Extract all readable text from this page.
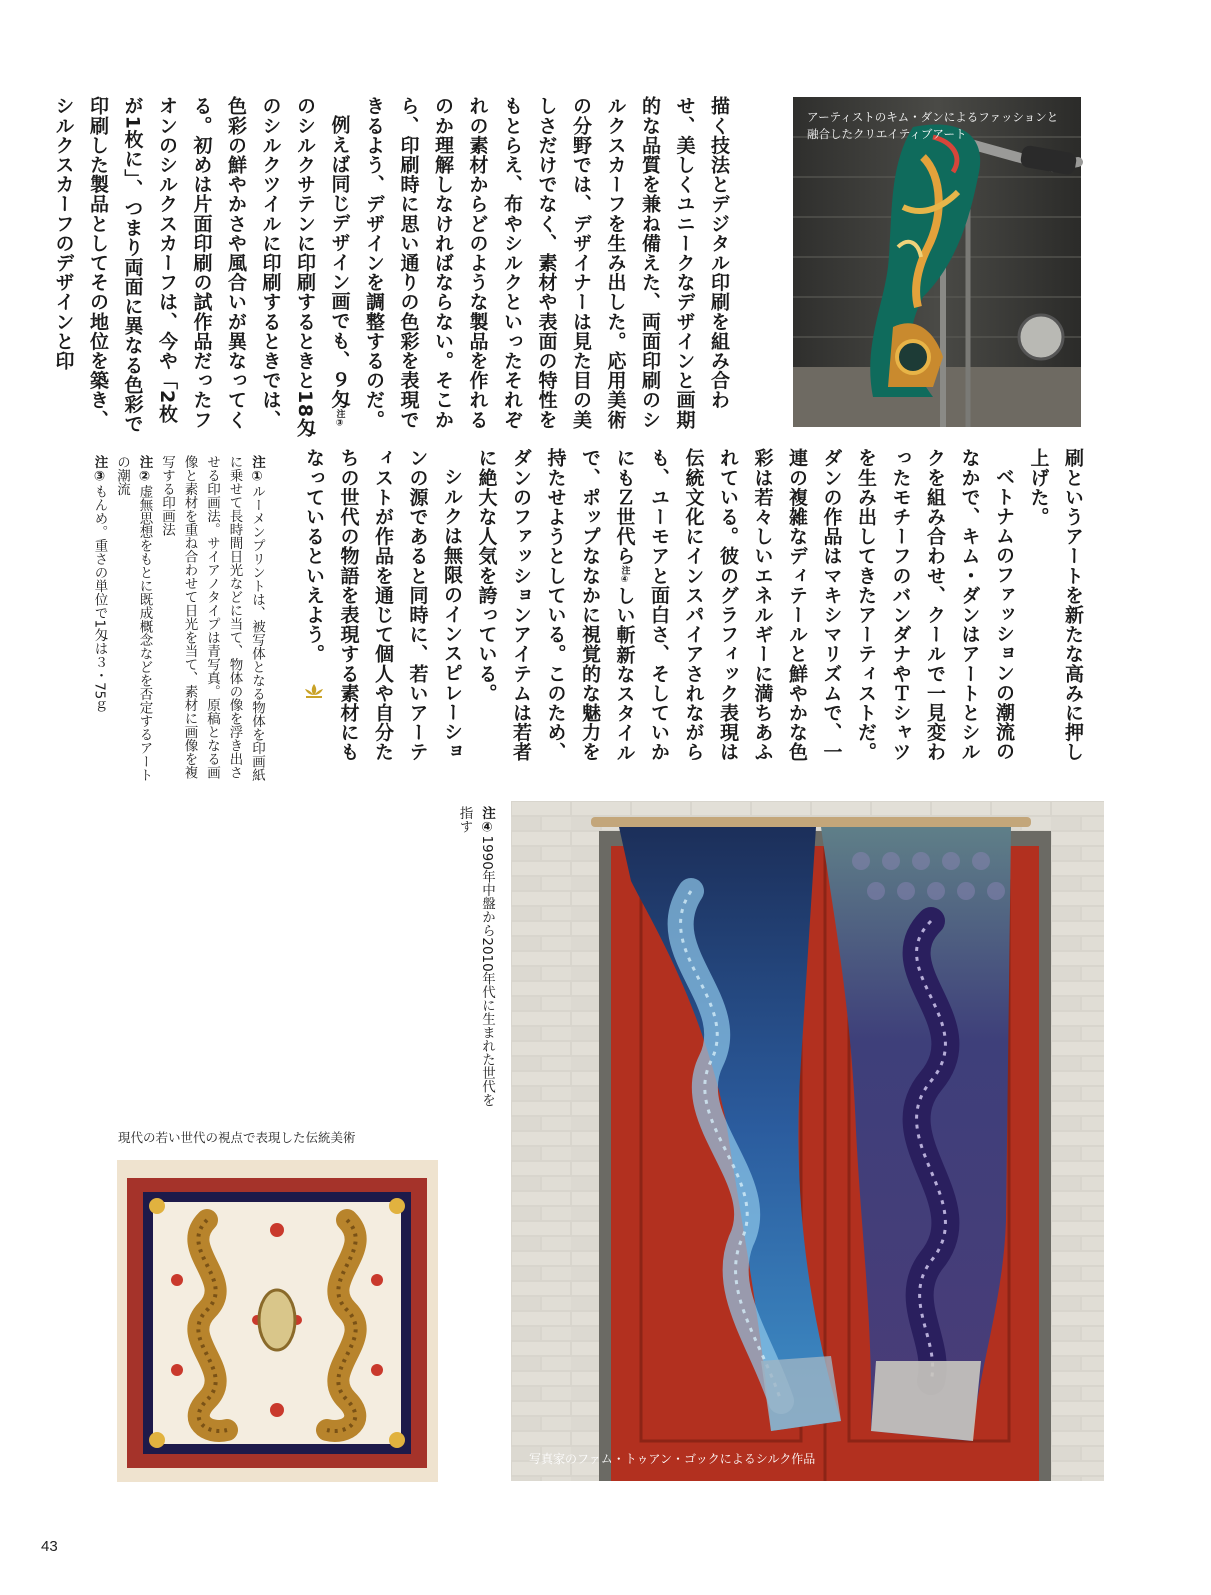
描く技法とデジタル印刷を組み合わせ、美しくユニークなデザインと画期的な品質を兼ね備えた、両面印刷のシルクスカーフを生み出した。応用美術の分野では、デザイナーは見た目の美しさだけでなく、素材や表面の特性をもとらえ、布やシルクといったそれぞれの素材からどのような製品を作れるのか理解しなければならない。そこから、印刷時に思い通りの色彩を表現できるよう、デザインを調整するのだ。

例えば同じデザイン画でも、９匁注③のシルクサテンに印刷するときと18匁のシルクツイルに印刷するときでは、色彩の鮮やかさや風合いが異なってくる。初めは片面印刷の試作品だったフオンのシルクスカーフは、今や「2枚が1枚に」、つまり両面に異なる色彩で印刷した製品としてその地位を築き、シルクスカーフのデザインと印

刷というアートを新たな高みに押し上げた。

ベトナムのファッションの潮流のなかで、キム・ダンはアートとシルクを組み合わせ、クールで一見変わったモチーフのバンダナやＴシャツを生み出してきたアーティストだ。ダンの作品はマキシマリズムで、一連の複雑なディテールと鮮やかな色彩は若々しいエネルギーに満ちあふれている。彼のグラフィック表現は伝統文化にインスパイアされながらも、ユーモアと面白さ、そしていかにもＺ世代ら注④しい斬新なスタイルで、ポップななかに視覚的な魅力を持たせようとしている。このため、ダンのファッションアイテムは若者に絶大な人気を誇っている。

シルクは無限のインスピレーションの源であると同時に、若いアーティストが作品を通じて個人や自分たちの世代の物語を表現する素材にもなっているといえよう。

注①ルーメンプリントは、被写体となる物体を印画紙に乗せて長時間日光などに当て、物体の像を浮き出させる印画法。サイアノタイプは青写真。原稿となる画像と素材を重ね合わせて日光を当て、素材に画像を複写する印画法

注②虚無思想をもとに既成概念などを否定するアートの潮流

注③もんめ。重さの単位で1匁は３・75ｇ

注④1990年中盤から2010年代に生まれた世代を指す

アーティストのキム・ダンによるファッションと融合したクリエイティブアート
現代の若い世代の視点で表現した伝統美術
写真家のファム・トゥアン・ゴックによるシルク作品
43
